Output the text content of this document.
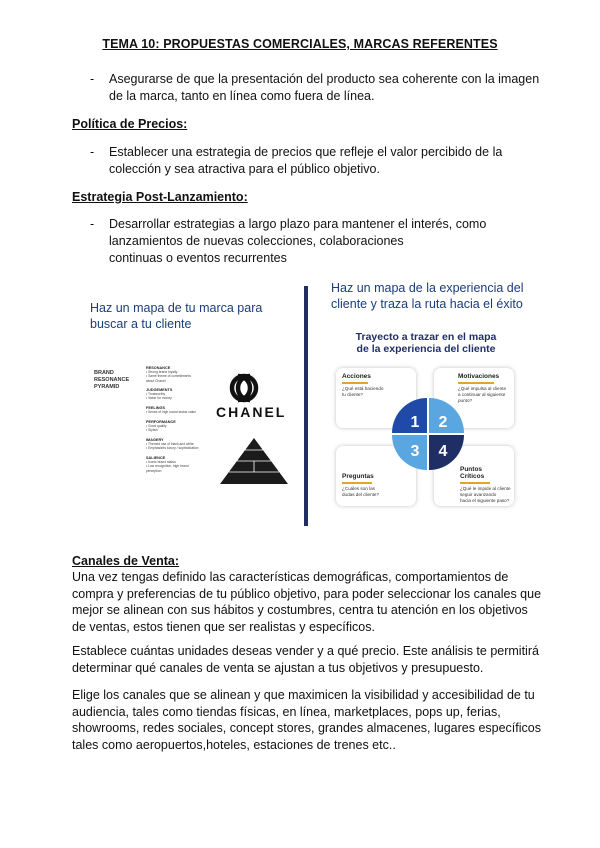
TEMA 10: PROPUESTAS COMERCIALES, MARCAS REFERENTES
- Asegurarse de que la presentación del producto sea coherente con la imagen
de la marca, tanto en línea como fuera de línea.
Política de Precios:
- Establecer una estrategia de precios que refleje el valor percibido de la
colección y sea atractiva para el público objetivo.
Estrategia Post-Lanzamiento:
- Desarrollar estrategias a largo plazo para mantener el interés, como
lanzamientos de nuevas colecciones, colaboraciones
continuas o eventos recurrentes
Haz un mapa de tu marca para
buscar a tu cliente
BRAND
RESONANCE
PYRAMID
RESONANCE
• Strong brand loyalty
• Same theme of commitments
about Chanel
JUDGEMENTS
• Trustworthy
• Value for money
FEELINGS
• Sense of high social status value
PERFORMANCE
• Good quality
• Stylish
IMAGERY
• Themed use of black and white
• Emphasizes luxury / sophistication
SALIENCE
• Iconic brand status
• Low recognition, high brand
perception
CHANEL
Haz un mapa de la experiencia del
cliente y traza la ruta hacia el éxito
Trayecto a trazar en el mapa
de la experiencia del cliente
Acciones
¿Qué está haciendo
tu cliente?
Motivaciones
¿Qué impulsa al cliente
a continuar al siguiente
punto?
Preguntas
¿Cuáles son las
dudas del cliente?
Puntos Críticos
¿Qué le impide al cliente
seguir avanzando
hacia el siguiente paso?
1 2
3 4
Canales de Venta:
Una vez tengas definido las características demográficas, comportamientos de
compra y preferencias de tu público objetivo, para poder seleccionar los canales que
mejor se alinean con sus hábitos y costumbres, centra tu atención en los objetivos
de ventas, estos tienen que ser realistas y específicos.
Establece cuántas unidades deseas vender y a qué precio. Este análisis te permitirá
determinar qué canales de venta se ajustan a tus objetivos y presupuesto.
Elige los canales que se alinean y que maximicen la visibilidad y accesibilidad de tu
audiencia, tales como tiendas físicas, en línea, marketplaces, pops up, ferias,
showrooms, redes sociales, concept stores, grandes almacenes, lugares específicos
tales como aeropuertos,hoteles, estaciones de trenes etc..
